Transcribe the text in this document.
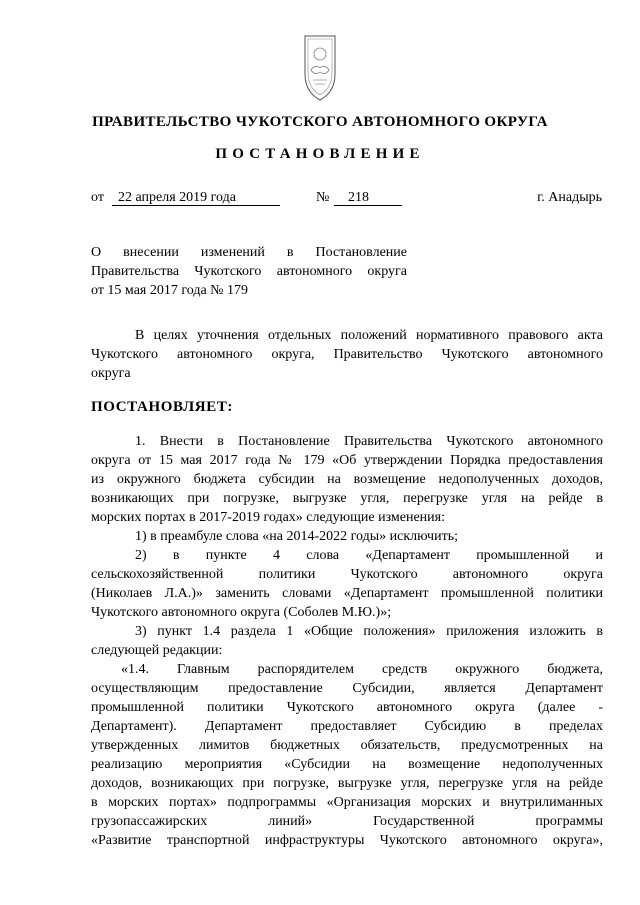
ПРАВИТЕЛЬСТВО ЧУКОТСКОГО АВТОНОМНОГО ОКРУГА
ПОСТАНОВЛЕНИЕ
от	22 апреля 2019 года	№	218	г. Анадырь
О внесении изменений в Постановление
Правительства Чукотского автономного округа
от 15 мая 2017 года № 179
В целях уточнения отдельных положений нормативного правового акта
Чукотского автономного округа, Правительство Чукотского автономного
округа
ПОСТАНОВЛЯЕТ:
1. Внести в Постановление Правительства Чукотского автономного
округа от 15 мая 2017 года № 179 «Об утверждении Порядка предоставления
из окружного бюджета субсидии на возмещение недополученных доходов,
возникающих при погрузке, выгрузке угля, перегрузке угля на рейде в
морских портах в 2017-2019 годах» следующие изменения:
1) в преамбуле слова «на 2014-2022 годы» исключить;
2) в пункте 4 слова «Департамент промышленной и
сельскохозяйственной политики Чукотского автономного округа
(Николаев Л.А.)» заменить словами «Департамент промышленной политики
Чукотского автономного округа (Соболев М.Ю.)»;
3) пункт 1.4 раздела 1 «Общие положения» приложения изложить в
следующей редакции:
«1.4. Главным распорядителем средств окружного бюджета,
осуществляющим предоставление Субсидии, является Департамент
промышленной политики Чукотского автономного округа (далее -
Департамент). Департамент предоставляет Субсидию в пределах
утвержденных лимитов бюджетных обязательств, предусмотренных на
реализацию мероприятия «Субсидии на возмещение недополученных
доходов, возникающих при погрузке, выгрузке угля, перегрузке угля на рейде
в морских портах» подпрограммы «Организация морских и внутрилиманных
грузопассажирских линий» Государственной программы
«Развитие транспортной инфраструктуры Чукотского автономного округа»,
